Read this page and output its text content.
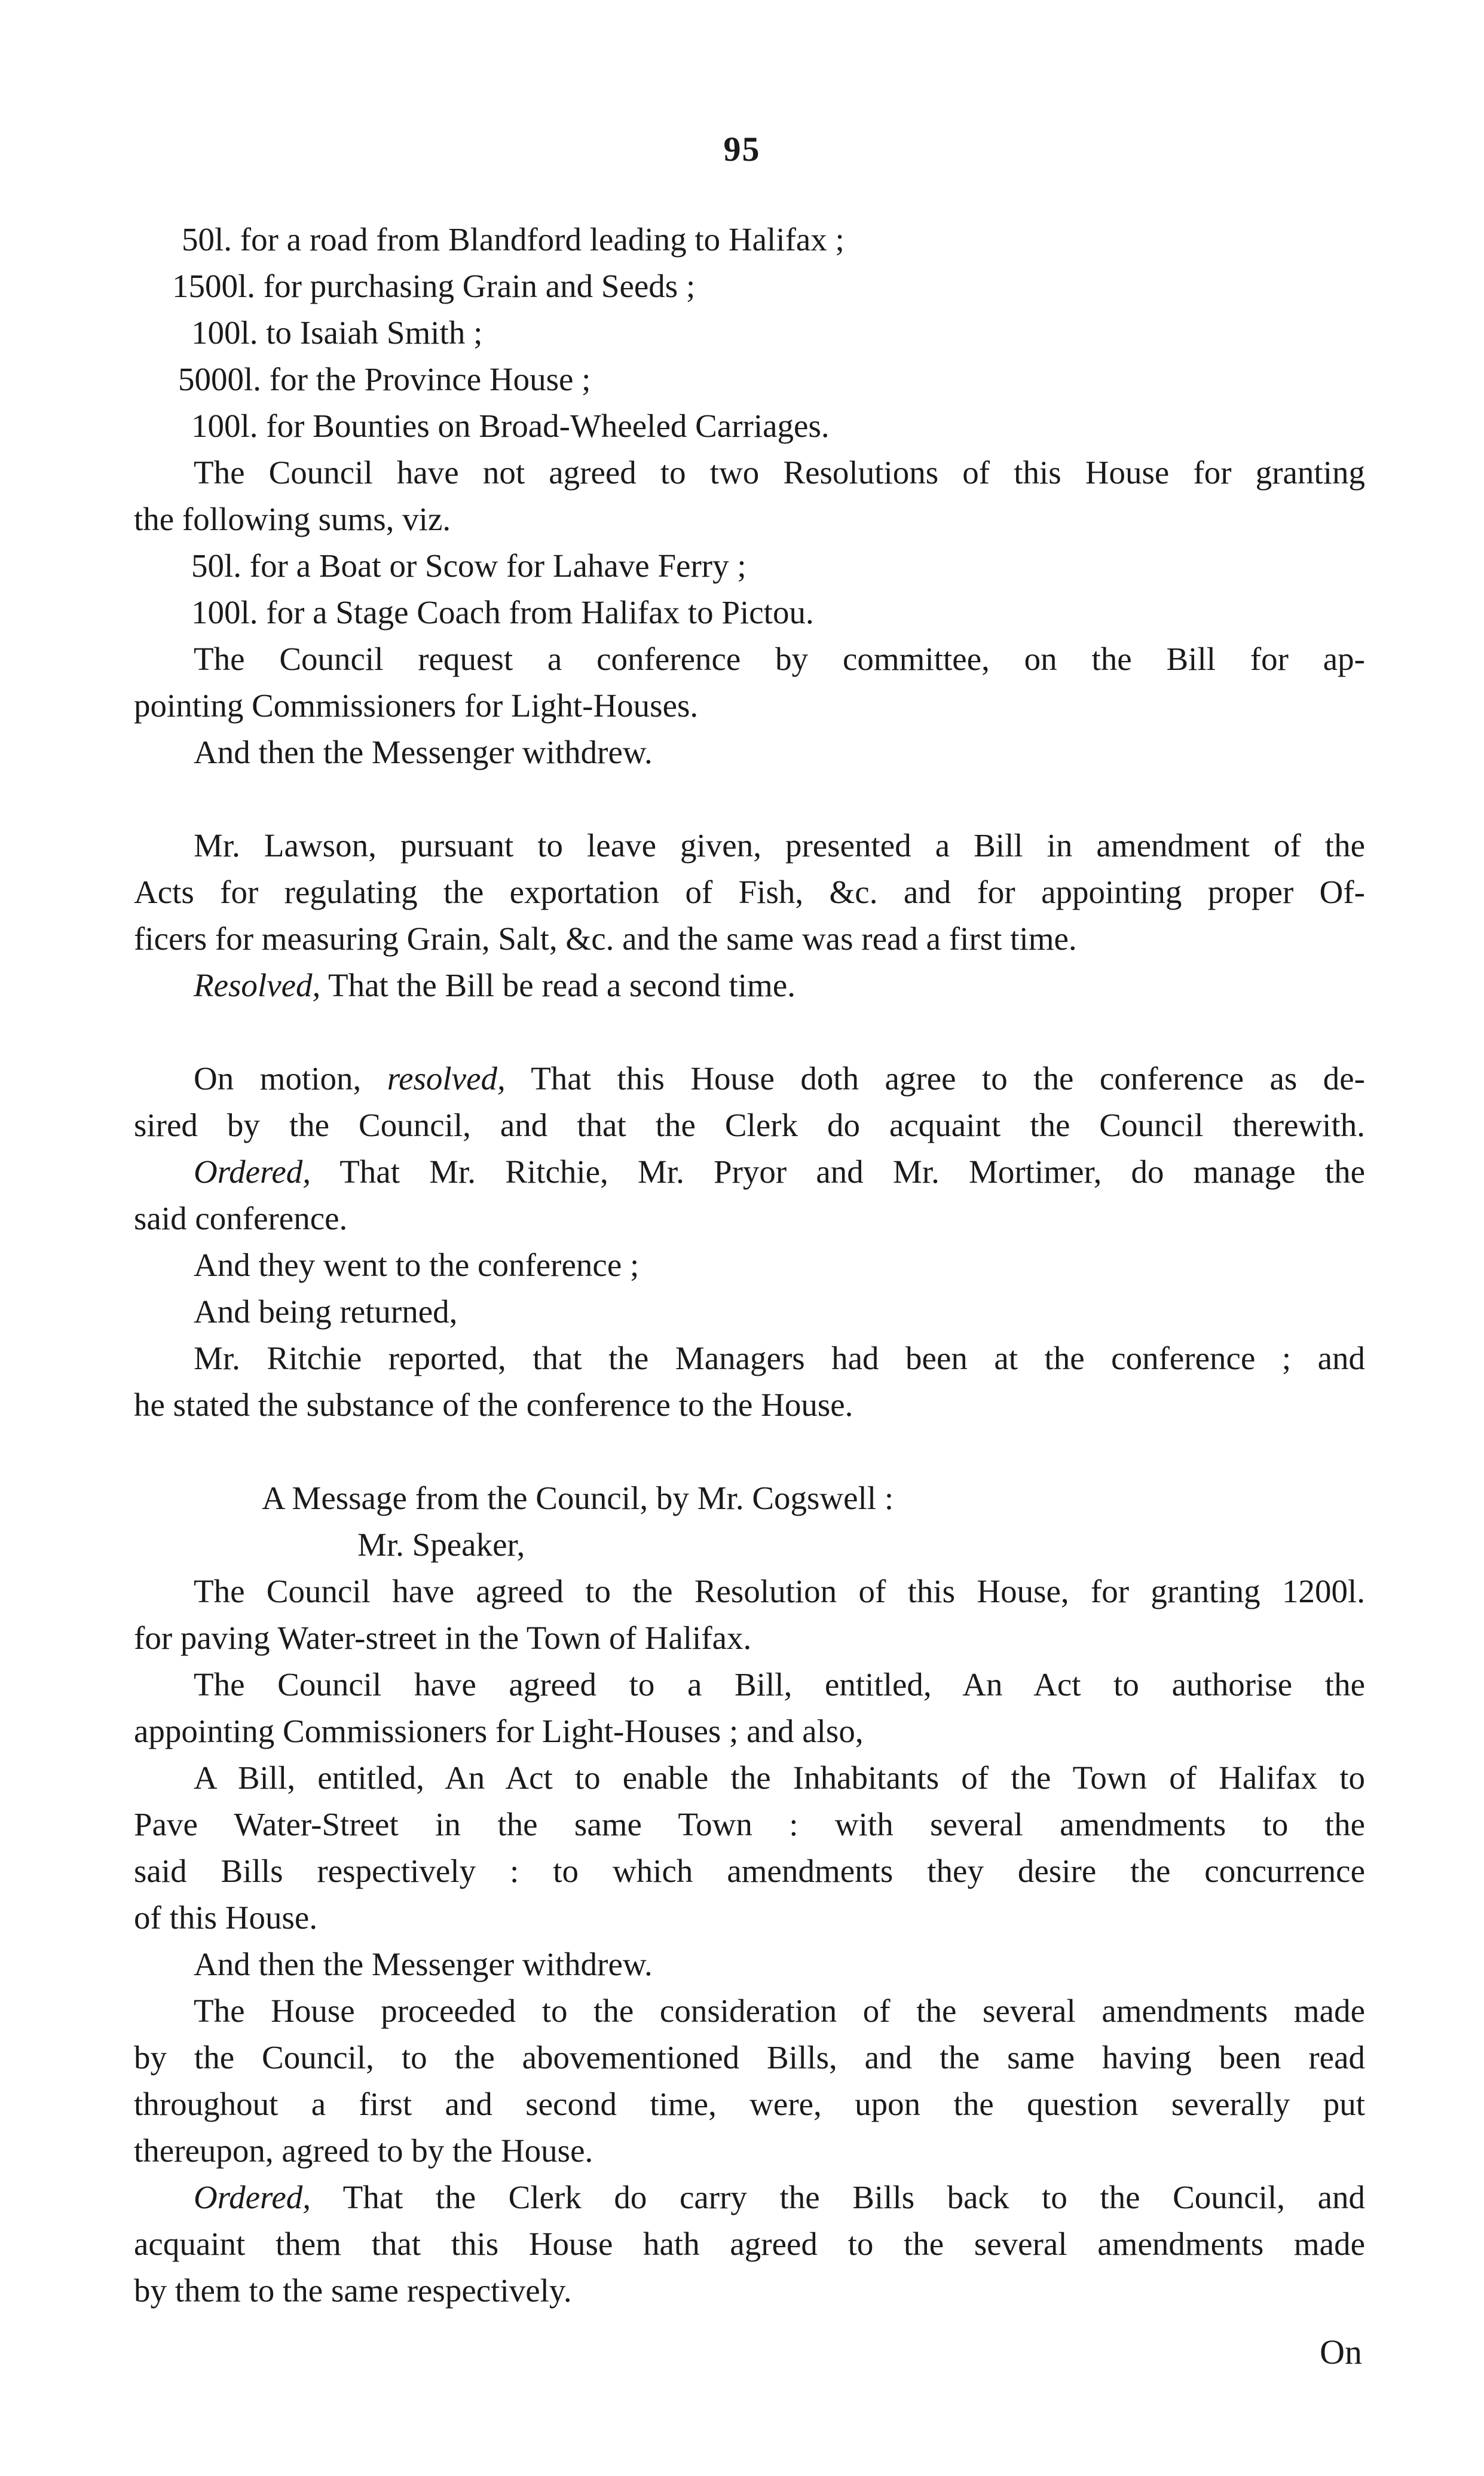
95
50l. for a road from Blandford leading to Halifax ;
1500l. for purchasing Grain and Seeds ;
100l. to Isaiah Smith ;
5000l. for the Province House ;
100l. for Bounties on Broad-Wheeled Carriages.
The Council have not agreed to two Resolutions of this House for granting
the following sums, viz.
50l. for a Boat or Scow for Lahave Ferry ;
100l. for a Stage Coach from Halifax to Pictou.
The Council request a conference by committee, on the Bill for ap-
pointing Commissioners for Light-Houses.
And then the Messenger withdrew.
Mr. Lawson, pursuant to leave given, presented a Bill in amendment of the
Acts for regulating the exportation of Fish, &c. and for appointing proper Of-
ficers for measuring Grain, Salt, &c. and the same was read a first time.
Resolved, That the Bill be read a second time.
On motion, resolved, That this House doth agree to the conference as de-
sired by the Council, and that the Clerk do acquaint the Council therewith.
Ordered, That Mr. Ritchie, Mr. Pryor and Mr. Mortimer, do manage the
said conference.
And they went to the conference ;
And being returned,
Mr. Ritchie reported, that the Managers had been at the conference ; and
he stated the substance of the conference to the House.
A Message from the Council, by Mr. Cogswell :
Mr. Speaker,
The Council have agreed to the Resolution of this House, for granting 1200l.
for paving Water-street in the Town of Halifax.
The Council have agreed to a Bill, entitled, An Act to authorise the
appointing Commissioners for Light-Houses ; and also,
A Bill, entitled, An Act to enable the Inhabitants of the Town of Halifax to
Pave Water-Street in the same Town : with several amendments to the
said Bills respectively : to which amendments they desire the concurrence
of this House.
And then the Messenger withdrew.
The House proceeded to the consideration of the several amendments made
by the Council, to the abovementioned Bills, and the same having been read
throughout a first and second time, were, upon the question severally put
thereupon, agreed to by the House.
Ordered, That the Clerk do carry the Bills back to the Council, and
acquaint them that this House hath agreed to the several amendments made
by them to the same respectively.
On
